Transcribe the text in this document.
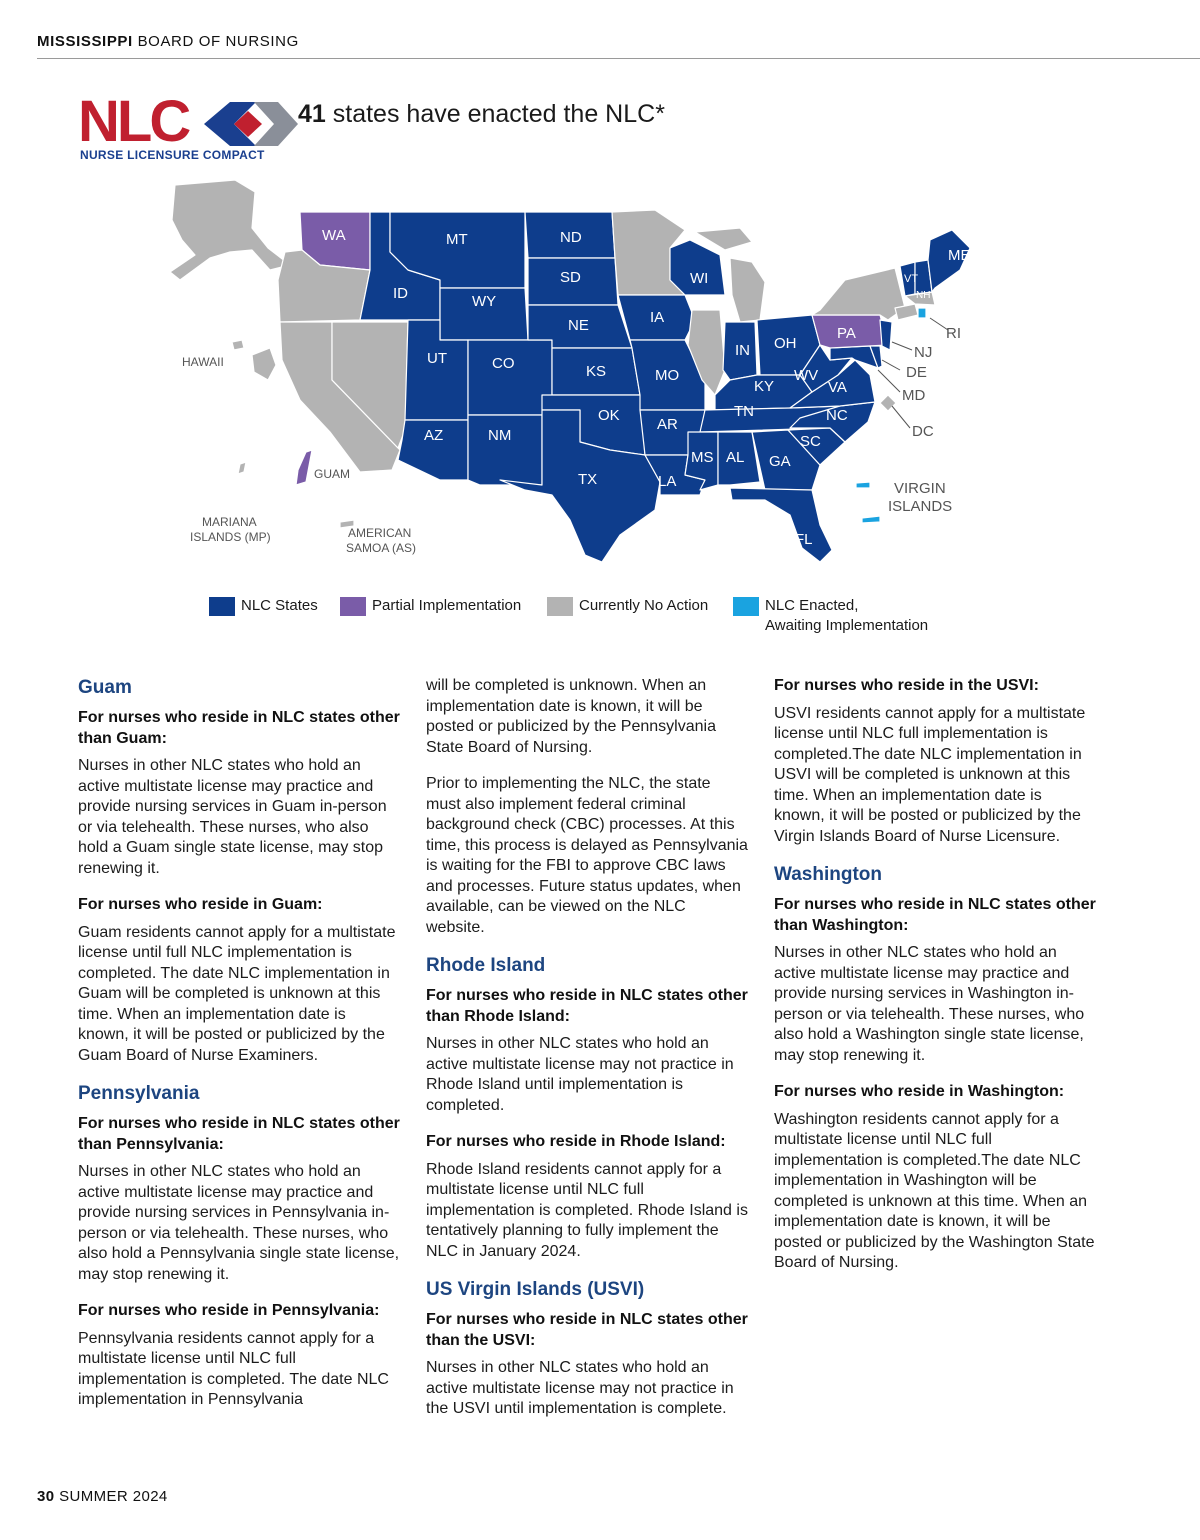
MISSISSIPPI BOARD OF NURSING
NLC
NURSE LICENSURE COMPACT
41 states have enacted the NLC*
WA	MT	ND
ID	WY
SD
NE
UT	CO	KS
AZ	NM
OK
TX
IA
MO
AR
LA
WI
IN OH
KY
TN
MS AL GA
FL
SC
NC
VA
WV
PA
ME
VT
NH
RI
NJ
DE
MD
DC
HAWAII
GUAM
MARIANA
ISLANDS (MP)	AMERICAN
SAMOA (AS)
VIRGIN
ISLANDS
NLC States	Partial Implementation	Currently No Action	NLC Enacted,
Awaiting Implementation
Guam
For nurses who reside in NLC states other than Guam:

Nurses in other NLC states who hold an active multistate license may practice and provide nursing services in Guam in-person or via telehealth. These nurses, who also hold a Guam single state license, may stop renewing it.

For nurses who reside in Guam:

Guam residents cannot apply for a multistate license until full NLC implementation is completed. The date NLC implementation in Guam will be completed is unknown at this time. When an implementation date is known, it will be posted or publicized by the Guam Board of Nurse Examiners.

Pennsylvania
For nurses who reside in NLC states other than Pennsylvania:

Nurses in other NLC states who hold an active multistate license may practice and provide nursing services in Pennsylvania in-person or via telehealth. These nurses, who also hold a Pennsylvania single state license, may stop renewing it.

For nurses who reside in Pennsylvania:

Pennsylvania residents cannot apply for a multistate license until NLC full implementation is completed. The date NLC implementation in Pennsylvania

will be completed is unknown. When an implementation date is known, it will be posted or publicized by the Pennsylvania State Board of Nursing.

Prior to implementing the NLC, the state must also implement federal criminal background check (CBC) processes. At this time, this process is delayed as Pennsylvania is waiting for the FBI to approve CBC laws and processes. Future status updates, when available, can be viewed on the NLC website.

Rhode Island
For nurses who reside in NLC states other than Rhode Island:

Nurses in other NLC states who hold an active multistate license may not practice in Rhode Island until implementation is completed.

For nurses who reside in Rhode Island:

Rhode Island residents cannot apply for a multistate license until NLC full implementation is completed. Rhode Island is tentatively planning to fully implement the NLC in January 2024.

US Virgin Islands (USVI)
For nurses who reside in NLC states other than the USVI:

Nurses in other NLC states who hold an active multistate license may not practice in the USVI until implementation is complete.

For nurses who reside in the USVI:

USVI residents cannot apply for a multistate license until NLC full implementation is completed.The date NLC implementation in USVI will be completed is unknown at this time. When an implementation date is known, it will be posted or publicized by the Virgin Islands Board of Nurse Licensure.

Washington
For nurses who reside in NLC states other than Washington:

Nurses in other NLC states who hold an active multistate license may practice and provide nursing services in Washington in-person or via telehealth. These nurses, who also hold a Washington single state license, may stop renewing it.

For nurses who reside in Washington:

Washington residents cannot apply for a multistate license until NLC full implementation is completed.The date NLC implementation in Washington will be completed is unknown at this time. When an implementation date is known, it will be posted or publicized by the Washington State Board of Nursing.

30 SUMMER 2024
